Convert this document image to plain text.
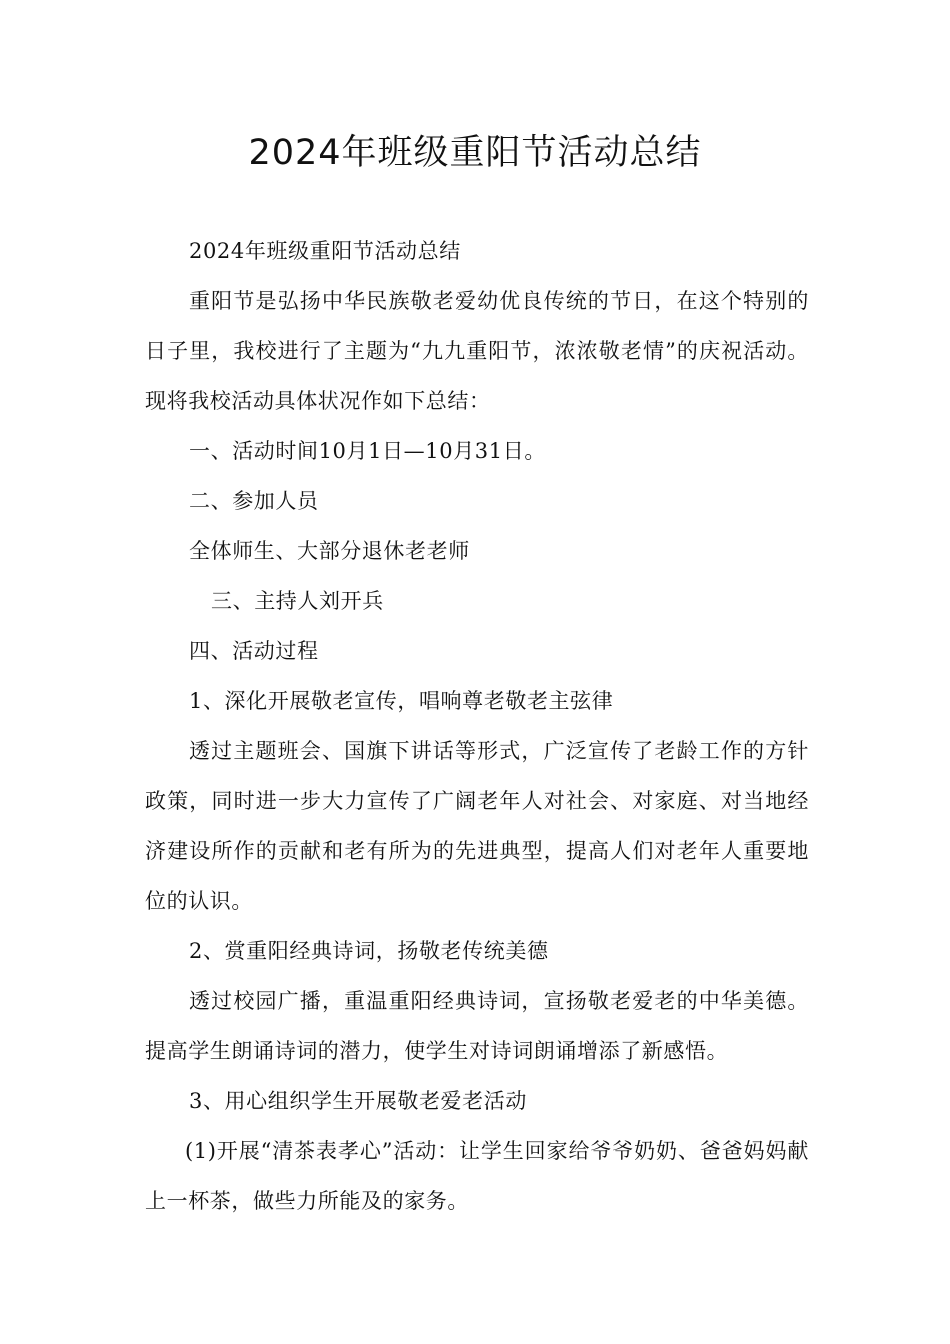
2024年班级重阳节活动总结

2024年班级重阳节活动总结

重阳节是弘扬中华民族敬老爱幼优良传统的节日，在这个特别的日子里，我校进行了主题为“九九重阳节，浓浓敬老情”的庆祝活动。现将我校活动具体状况作如下总结：

一、活动时间10月1日—10月31日。

二、参加人员

全体师生、大部分退休老老师

三、主持人刘开兵

四、活动过程

1、深化开展敬老宣传，唱响尊老敬老主弦律

透过主题班会、国旗下讲话等形式，广泛宣传了老龄工作的方针政策，同时进一步大力宣传了广阔老年人对社会、对家庭、对当地经济建设所作的贡献和老有所为的先进典型，提高人们对老年人重要地位的认识。

2、赏重阳经典诗词，扬敬老传统美德

透过校园广播，重温重阳经典诗词，宣扬敬老爱老的中华美德。提高学生朗诵诗词的潜力，使学生对诗词朗诵增添了新感悟。

3、用心组织学生开展敬老爱老活动

(1)开展“清茶表孝心”活动：让学生回家给爷爷奶奶、爸爸妈妈献上一杯茶，做些力所能及的家务。
